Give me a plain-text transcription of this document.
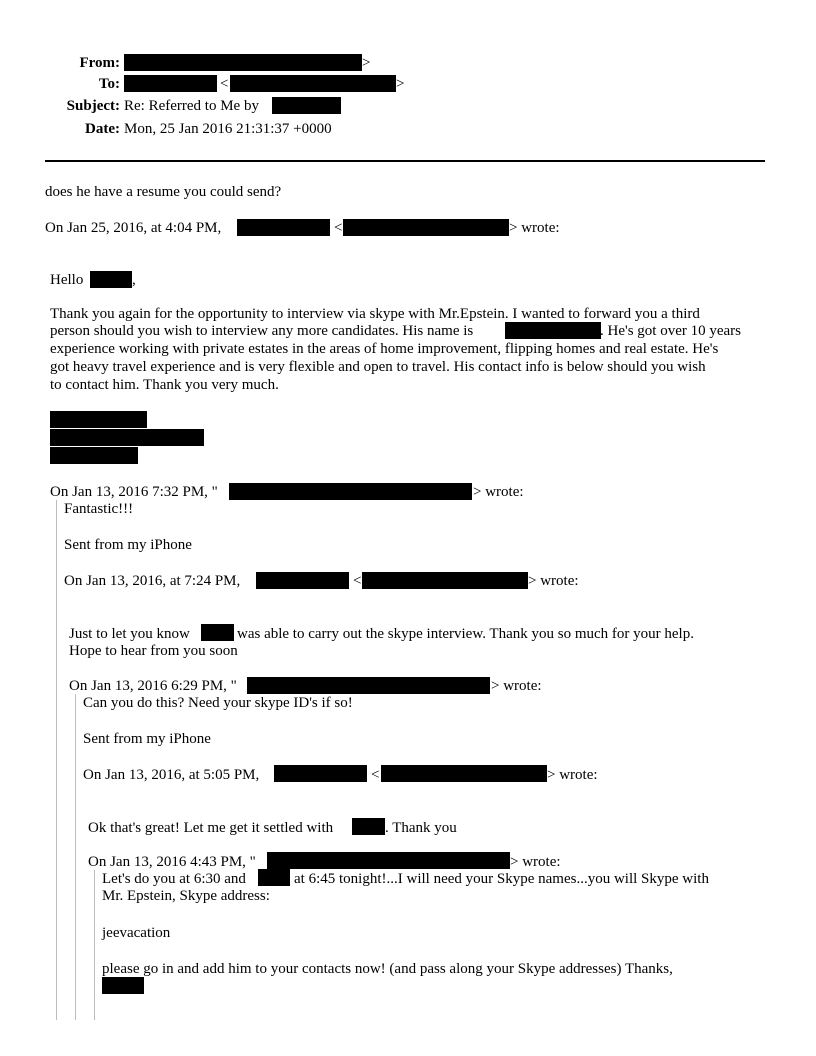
From:	>
To:	<	>
Subject: Re: Referred to Me by
Date: Mon, 25 Jan 2016 21:31:37 +0000
does he have a resume you could send?
On Jan 25, 2016, at 4:04 PM,	<	> wrote:
Hello	,
Thank you again for the opportunity to interview via skype with Mr.Epstein. I wanted to forward you a third
person should you wish to interview any more candidates. His name is	. He's got over 10 years
experience working with private estates in the areas of home improvement, flipping homes and real estate. He's
got heavy travel experience and is very flexible and open to travel. His contact info is below should you wish
to contact him. Thank you very much.
On Jan 13, 2016 7:32 PM, "	> wrote:
Fantastic!!!
Sent from my iPhone
On Jan 13, 2016, at 7:24 PM,	<	> wrote:
Just to let you know	was able to carry out the skype interview. Thank you so much for your help.
Hope to hear from you soon
On Jan 13, 2016 6:29 PM, "	> wrote:
Can you do this? Need your skype ID's if so!
Sent from my iPhone
On Jan 13, 2016, at 5:05 PM,	<	> wrote:
Ok that's great! Let me get it settled with	. Thank you
On Jan 13, 2016 4:43 PM, "	> wrote:
Let's do you at 6:30 and	at 6:45 tonight!...I will need your Skype names...you will Skype with
Mr. Epstein, Skype address:
jeevacation
please go in and add him to your contacts now! (and pass along your Skype addresses) Thanks,
